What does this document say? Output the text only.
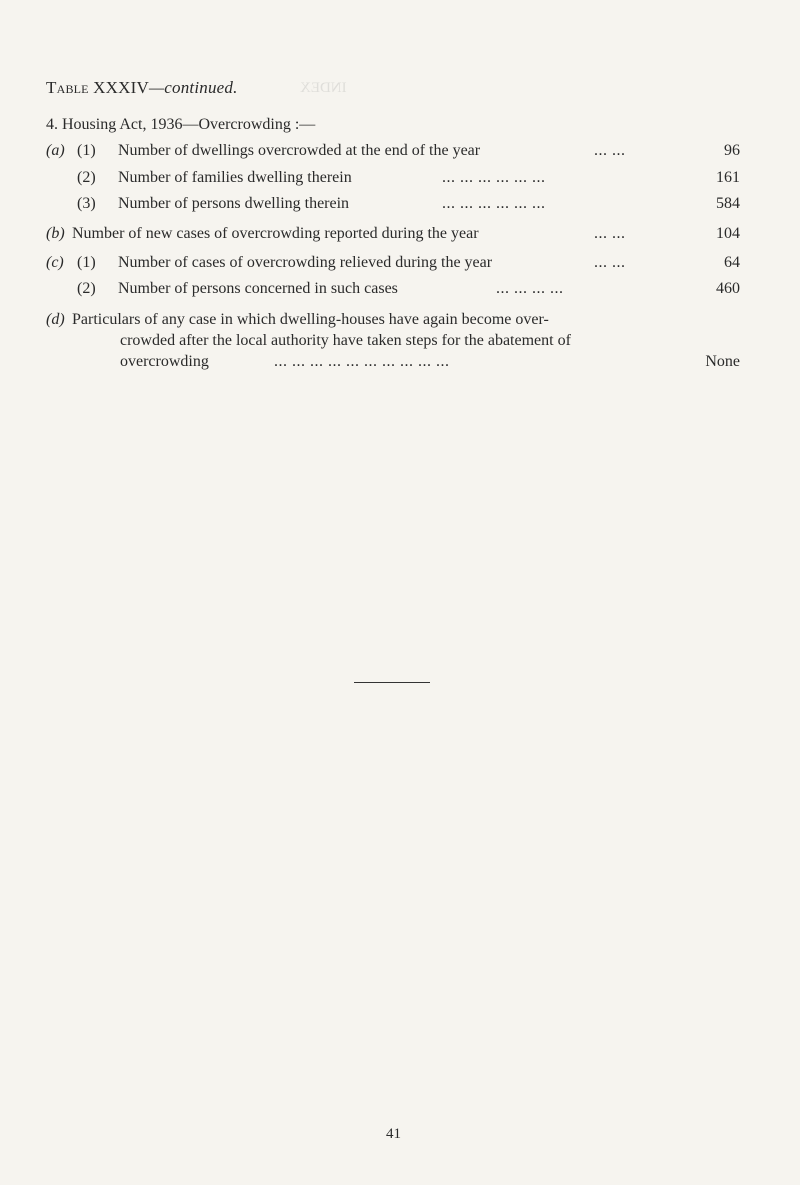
INDEX
Table XXXIV—continued.
4. Housing Act, 1936—Overcrowding :—
(a) (1) Number of dwellings overcrowded at the end of the year	... ...	96
(2) Number of families dwelling therein	... ... ... ... ... ...	161
(3) Number of persons dwelling therein	... ... ... ... ... ...	584
(b) Number of new cases of overcrowding reported during the year	... ...	104
(c) (1) Number of cases of overcrowding relieved during the year	... ...	64
(2) Number of persons concerned in such cases	... ... ... ...	460
(d) Particulars of any case in which dwelling-houses have again become over-
crowded after the local authority have taken steps for the abatement of
overcrowding	... ... ... ... ... ... ... ... ... ...	None
41
